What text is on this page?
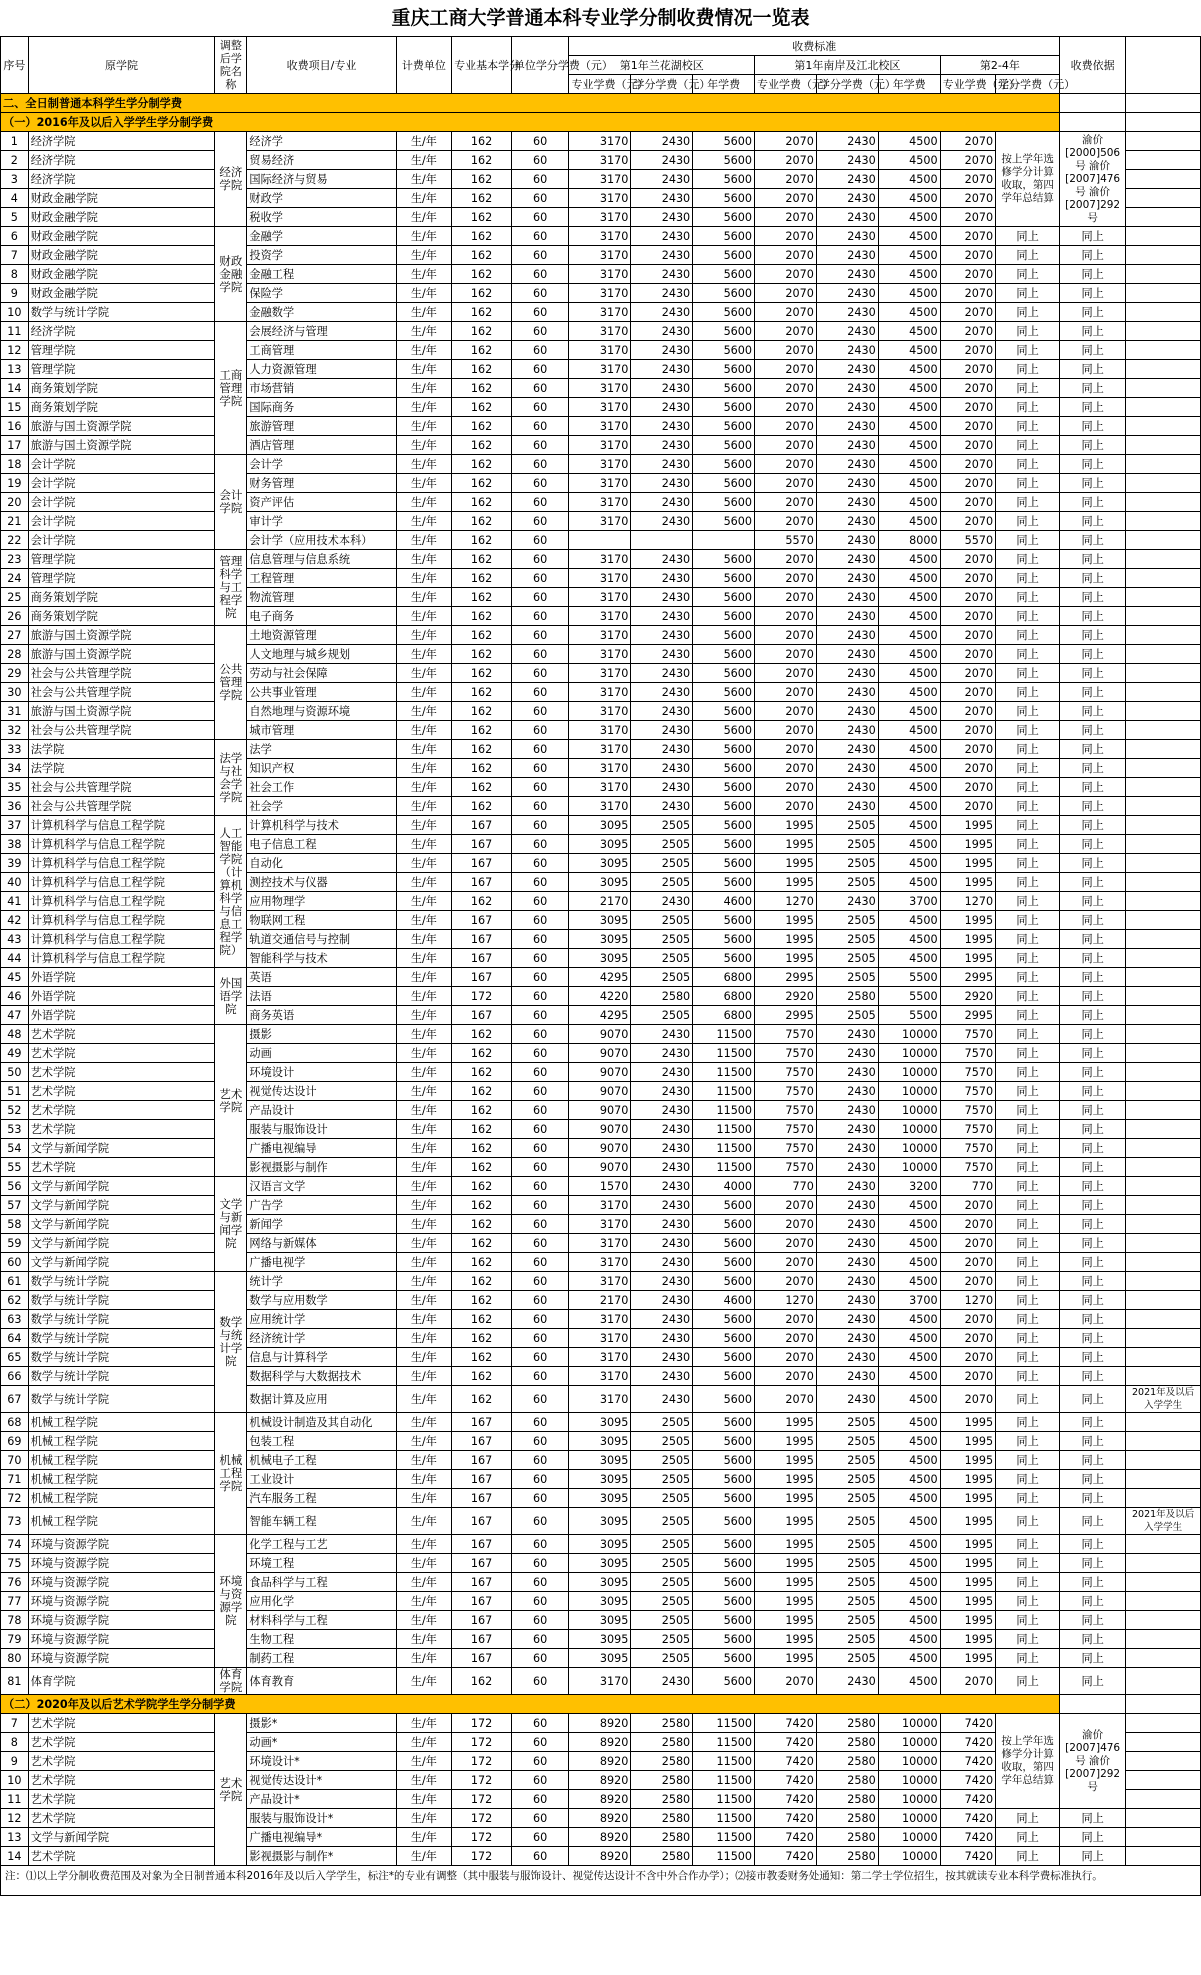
重庆工商大学普通本科专业学分制收费情况一览表
序号	原学院	调整后学院名称	收费项目/专业	计费单位	专业基本学分	单位学分学费（元）	收费标准								收费依据	
							第1年兰花湖校区			第1年南岸及江北校区			第2-4年			
							专业学费（元）	学分学费（元）	年学费	专业学费（元）	学分学费（元）	年学费	专业学费（元）	学分学费（元）		
二、全日制普通本科学生学分制学费																
（一）2016年及以后入学学生学分制学费																
1	经济学院	经济学院	经济学	生/年	162	60	3170	2430	5600	2070	2430	4500	2070	按上学年选修学分计算收取，第四学年总结算	渝价[2000]506号 渝价[2007]476号 渝价[2007]292号	
2	经济学院		贸易经济	生/年	162	60	3170	2430	5600	2070	2430	4500	2070			
3	经济学院		国际经济与贸易	生/年	162	60	3170	2430	5600	2070	2430	4500	2070			
4	财政金融学院		财政学	生/年	162	60	3170	2430	5600	2070	2430	4500	2070			
5	财政金融学院		税收学	生/年	162	60	3170	2430	5600	2070	2430	4500	2070			
6	财政金融学院	财政金融学院	金融学	生/年	162	60	3170	2430	5600	2070	2430	4500	2070	同上	同上	
7	财政金融学院		投资学	生/年	162	60	3170	2430	5600	2070	2430	4500	2070	同上	同上	
8	财政金融学院		金融工程	生/年	162	60	3170	2430	5600	2070	2430	4500	2070	同上	同上	
9	财政金融学院		保险学	生/年	162	60	3170	2430	5600	2070	2430	4500	2070	同上	同上	
10	数学与统计学院		金融数学	生/年	162	60	3170	2430	5600	2070	2430	4500	2070	同上	同上	
11	经济学院	工商管理学院	会展经济与管理	生/年	162	60	3170	2430	5600	2070	2430	4500	2070	同上	同上	
12	管理学院		工商管理	生/年	162	60	3170	2430	5600	2070	2430	4500	2070	同上	同上	
13	管理学院		人力资源管理	生/年	162	60	3170	2430	5600	2070	2430	4500	2070	同上	同上	
14	商务策划学院		市场营销	生/年	162	60	3170	2430	5600	2070	2430	4500	2070	同上	同上	
15	商务策划学院		国际商务	生/年	162	60	3170	2430	5600	2070	2430	4500	2070	同上	同上	
16	旅游与国土资源学院		旅游管理	生/年	162	60	3170	2430	5600	2070	2430	4500	2070	同上	同上	
17	旅游与国土资源学院		酒店管理	生/年	162	60	3170	2430	5600	2070	2430	4500	2070	同上	同上	
18	会计学院	会计学院	会计学	生/年	162	60	3170	2430	5600	2070	2430	4500	2070	同上	同上	
19	会计学院		财务管理	生/年	162	60	3170	2430	5600	2070	2430	4500	2070	同上	同上	
20	会计学院		资产评估	生/年	162	60	3170	2430	5600	2070	2430	4500	2070	同上	同上	
21	会计学院		审计学	生/年	162	60	3170	2430	5600	2070	2430	4500	2070	同上	同上	
22	会计学院		会计学（应用技术本科）	生/年	162	60				5570	2430	8000	5570	同上	同上	
23	管理学院	管理科学与工程学院	信息管理与信息系统	生/年	162	60	3170	2430	5600	2070	2430	4500	2070	同上	同上	
24	管理学院		工程管理	生/年	162	60	3170	2430	5600	2070	2430	4500	2070	同上	同上	
25	商务策划学院		物流管理	生/年	162	60	3170	2430	5600	2070	2430	4500	2070	同上	同上	
26	商务策划学院		电子商务	生/年	162	60	3170	2430	5600	2070	2430	4500	2070	同上	同上	
27	旅游与国土资源学院	公共管理学院	土地资源管理	生/年	162	60	3170	2430	5600	2070	2430	4500	2070	同上	同上	
28	旅游与国土资源学院		人文地理与城乡规划	生/年	162	60	3170	2430	5600	2070	2430	4500	2070	同上	同上	
29	社会与公共管理学院		劳动与社会保障	生/年	162	60	3170	2430	5600	2070	2430	4500	2070	同上	同上	
30	社会与公共管理学院		公共事业管理	生/年	162	60	3170	2430	5600	2070	2430	4500	2070	同上	同上	
31	旅游与国土资源学院		自然地理与资源环境	生/年	162	60	3170	2430	5600	2070	2430	4500	2070	同上	同上	
32	社会与公共管理学院		城市管理	生/年	162	60	3170	2430	5600	2070	2430	4500	2070	同上	同上	
33	法学院	法学与社会学学院	法学	生/年	162	60	3170	2430	5600	2070	2430	4500	2070	同上	同上	
34	法学院		知识产权	生/年	162	60	3170	2430	5600	2070	2430	4500	2070	同上	同上	
35	社会与公共管理学院		社会工作	生/年	162	60	3170	2430	5600	2070	2430	4500	2070	同上	同上	
36	社会与公共管理学院		社会学	生/年	162	60	3170	2430	5600	2070	2430	4500	2070	同上	同上	
37	计算机科学与信息工程学院	人工智能学院（计算机科学与信息工程学院）	计算机科学与技术	生/年	167	60	3095	2505	5600	1995	2505	4500	1995	同上	同上	
38	计算机科学与信息工程学院		电子信息工程	生/年	167	60	3095	2505	5600	1995	2505	4500	1995	同上	同上	
39	计算机科学与信息工程学院		自动化	生/年	167	60	3095	2505	5600	1995	2505	4500	1995	同上	同上	
40	计算机科学与信息工程学院		测控技术与仪器	生/年	167	60	3095	2505	5600	1995	2505	4500	1995	同上	同上	
41	计算机科学与信息工程学院		应用物理学	生/年	162	60	2170	2430	4600	1270	2430	3700	1270	同上	同上	
42	计算机科学与信息工程学院		物联网工程	生/年	167	60	3095	2505	5600	1995	2505	4500	1995	同上	同上	
43	计算机科学与信息工程学院		轨道交通信号与控制	生/年	167	60	3095	2505	5600	1995	2505	4500	1995	同上	同上	
44	计算机科学与信息工程学院		智能科学与技术	生/年	167	60	3095	2505	5600	1995	2505	4500	1995	同上	同上	
45	外语学院	外国语学院	英语	生/年	167	60	4295	2505	6800	2995	2505	5500	2995	同上	同上	
46	外语学院		法语	生/年	172	60	4220	2580	6800	2920	2580	5500	2920	同上	同上	
47	外语学院		商务英语	生/年	167	60	4295	2505	6800	2995	2505	5500	2995	同上	同上	
48	艺术学院	艺术学院	摄影	生/年	162	60	9070	2430	11500	7570	2430	10000	7570	同上	同上	
49	艺术学院		动画	生/年	162	60	9070	2430	11500	7570	2430	10000	7570	同上	同上	
50	艺术学院		环境设计	生/年	162	60	9070	2430	11500	7570	2430	10000	7570	同上	同上	
51	艺术学院		视觉传达设计	生/年	162	60	9070	2430	11500	7570	2430	10000	7570	同上	同上	
52	艺术学院		产品设计	生/年	162	60	9070	2430	11500	7570	2430	10000	7570	同上	同上	
53	艺术学院		服装与服饰设计	生/年	162	60	9070	2430	11500	7570	2430	10000	7570	同上	同上	
54	文学与新闻学院		广播电视编导	生/年	162	60	9070	2430	11500	7570	2430	10000	7570	同上	同上	
55	艺术学院		影视摄影与制作	生/年	162	60	9070	2430	11500	7570	2430	10000	7570	同上	同上	
56	文学与新闻学院	文学与新闻学院	汉语言文学	生/年	162	60	1570	2430	4000	770	2430	3200	770	同上	同上	
57	文学与新闻学院		广告学	生/年	162	60	3170	2430	5600	2070	2430	4500	2070	同上	同上	
58	文学与新闻学院		新闻学	生/年	162	60	3170	2430	5600	2070	2430	4500	2070	同上	同上	
59	文学与新闻学院		网络与新媒体	生/年	162	60	3170	2430	5600	2070	2430	4500	2070	同上	同上	
60	文学与新闻学院		广播电视学	生/年	162	60	3170	2430	5600	2070	2430	4500	2070	同上	同上	
61	数学与统计学院	数学与统计学院	统计学	生/年	162	60	3170	2430	5600	2070	2430	4500	2070	同上	同上	
62	数学与统计学院		数学与应用数学	生/年	162	60	2170	2430	4600	1270	2430	3700	1270	同上	同上	
63	数学与统计学院		应用统计学	生/年	162	60	3170	2430	5600	2070	2430	4500	2070	同上	同上	
64	数学与统计学院		经济统计学	生/年	162	60	3170	2430	5600	2070	2430	4500	2070	同上	同上	
65	数学与统计学院		信息与计算科学	生/年	162	60	3170	2430	5600	2070	2430	4500	2070	同上	同上	
66	数学与统计学院		数据科学与大数据技术	生/年	162	60	3170	2430	5600	2070	2430	4500	2070	同上	同上	
67	数学与统计学院		数据计算及应用	生/年	162	60	3170	2430	5600	2070	2430	4500	2070	同上	同上	2021年及以后入学学生
68	机械工程学院	机械工程学院	机械设计制造及其自动化	生/年	167	60	3095	2505	5600	1995	2505	4500	1995	同上	同上	
69	机械工程学院		包装工程	生/年	167	60	3095	2505	5600	1995	2505	4500	1995	同上	同上	
70	机械工程学院		机械电子工程	生/年	167	60	3095	2505	5600	1995	2505	4500	1995	同上	同上	
71	机械工程学院		工业设计	生/年	167	60	3095	2505	5600	1995	2505	4500	1995	同上	同上	
72	机械工程学院		汽车服务工程	生/年	167	60	3095	2505	5600	1995	2505	4500	1995	同上	同上	
73	机械工程学院		智能车辆工程	生/年	167	60	3095	2505	5600	1995	2505	4500	1995	同上	同上	2021年及以后入学学生
74	环境与资源学院	环境与资源学院	化学工程与工艺	生/年	167	60	3095	2505	5600	1995	2505	4500	1995	同上	同上	
75	环境与资源学院		环境工程	生/年	167	60	3095	2505	5600	1995	2505	4500	1995	同上	同上	
76	环境与资源学院		食品科学与工程	生/年	167	60	3095	2505	5600	1995	2505	4500	1995	同上	同上	
77	环境与资源学院		应用化学	生/年	167	60	3095	2505	5600	1995	2505	4500	1995	同上	同上	
78	环境与资源学院		材料科学与工程	生/年	167	60	3095	2505	5600	1995	2505	4500	1995	同上	同上	
79	环境与资源学院		生物工程	生/年	167	60	3095	2505	5600	1995	2505	4500	1995	同上	同上	
80	环境与资源学院		制药工程	生/年	167	60	3095	2505	5600	1995	2505	4500	1995	同上	同上	
81	体育学院	体育学院	体育教育	生/年	162	60	3170	2430	5600	2070	2430	4500	2070	同上	同上	
（二）2020年及以后艺术学院学生学分制学费																
7	艺术学院	艺术学院	摄影*	生/年	172	60	8920	2580	11500	7420	2580	10000	7420	按上学年选修学分计算收取，第四学年总结算	渝价[2007]476号 渝价[2007]292号	
8	艺术学院		动画*	生/年	172	60	8920	2580	11500	7420	2580	10000	7420			
9	艺术学院		环境设计*	生/年	172	60	8920	2580	11500	7420	2580	10000	7420			
10	艺术学院		视觉传达设计*	生/年	172	60	8920	2580	11500	7420	2580	10000	7420			
11	艺术学院		产品设计*	生/年	172	60	8920	2580	11500	7420	2580	10000	7420			
12	艺术学院		服装与服饰设计*	生/年	172	60	8920	2580	11500	7420	2580	10000	7420	同上	同上	
13	文学与新闻学院		广播电视编导*	生/年	172	60	8920	2580	11500	7420	2580	10000	7420	同上	同上	
14	艺术学院		影视摄影与制作*	生/年	172	60	8920	2580	11500	7420	2580	10000	7420	同上	同上	
注：⑴以上学分制收费范围及对象为全日制普通本科2016年及以后入学学生，标注*的专业有调整（其中服装与服饰设计、视觉传达设计不含中外合作办学）；⑵接市教委财务处通知：第二学士学位招生，按其就读专业本科学费标准执行。
